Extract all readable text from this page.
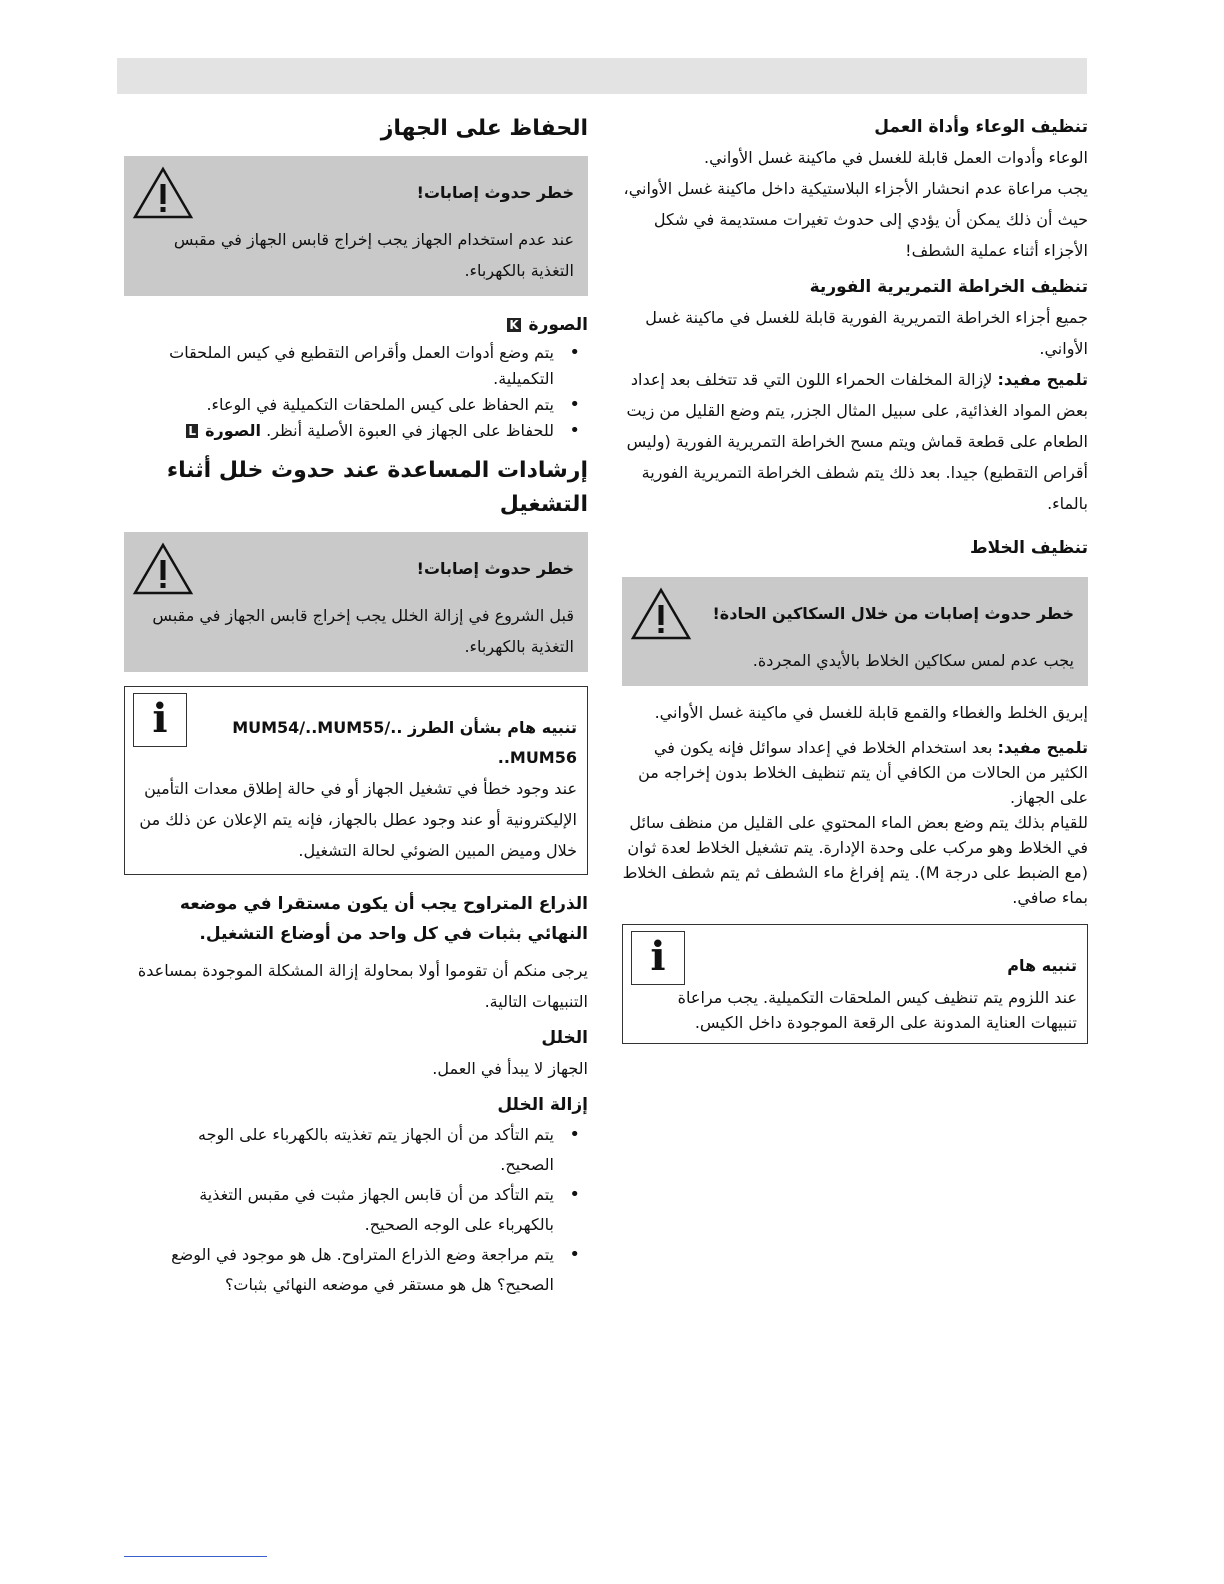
تنظيف الوعاء وأداة العمل
الوعاء وأدوات العمل قابلة للغسل في ماكينة غسل الأواني.
يجب مراعاة عدم انحشار الأجزاء البلاستيكية داخل ماكينة غسل الأواني، حيث أن ذلك يمكن أن يؤدي إلى حدوث تغيرات مستديمة في شكل الأجزاء أثناء عملية الشطف!
تنظيف الخراطة التمريرية الفورية
جميع أجزاء الخراطة التمريرية الفورية قابلة للغسل في ماكينة غسل الأواني.
تلميح مفيد: لإزالة المخلفات الحمراء اللون التي قد تتخلف بعد إعداد بعض المواد الغذائية, على سبيل المثال الجزر, يتم وضع القليل من زيت الطعام على قطعة قماش ويتم مسح الخراطة التمريرية الفورية (وليس أقراص التقطيع) جيدا. بعد ذلك يتم شطف الخراطة التمريرية الفورية بالماء.
تنظيف الخلاط
خطر حدوث إصابات من خلال السكاكين الحادة!
يجب عدم لمس سكاكين الخلاط بالأيدي المجردة.
إبريق الخلط والغطاء والقمع قابلة للغسل في ماكينة غسل الأواني.
تلميح مفيد: بعد استخدام الخلاط في إعداد سوائل فإنه يكون في الكثير من الحالات من الكافي أن يتم تنظيف الخلاط بدون إخراجه من على الجهاز.
للقيام بذلك يتم وضع بعض الماء المحتوي على القليل من منظف سائل في الخلاط وهو مركب على وحدة الإدارة. يتم تشغيل الخلاط لعدة ثوان (مع الضبط على درجة M). يتم إفراغ ماء الشطف ثم يتم شطف الخلاط بماء صافي.
تنبيه هام
i
عند اللزوم يتم تنظيف كيس الملحقات التكميلية. يجب مراعاة تنبيهات العناية المدونة على الرقعة الموجودة داخل الكيس.
الحفاظ على الجهاز
خطر حدوث إصابات!
عند عدم استخدام الجهاز يجب إخراج قابس الجهاز في مقبس التغذية بالكهرباء.
الصورة K
• يتم وضع أدوات العمل وأقراص التقطيع في كيس الملحقات التكميلية.
• يتم الحفاظ على كيس الملحقات التكميلية في الوعاء.
• للحفاظ على الجهاز في العبوة الأصلية أنظر. الصورة L
إرشادات المساعدة عند حدوث خلل أثناء التشغيل
خطر حدوث إصابات!
قبل الشروع في إزالة الخلل يجب إخراج قابس الجهاز في مقبس التغذية بالكهرباء.
تنبيه هام بشأن الطرز ..MUM54/..MUM55/ ..MUM56
i
عند وجود خطأ في تشغيل الجهاز أو في حالة إطلاق معدات التأمين الإليكترونية أو عند وجود عطل بالجهاز، فإنه يتم الإعلان عن ذلك من خلال وميض المبين الضوئي لحالة التشغيل.
الذراع المتراوح يجب أن يكون مستقرا في موضعه النهائي بثبات في كل واحد من أوضاع التشغيل.
يرجى منكم أن تقوموا أولا بمحاولة إزالة المشكلة الموجودة بمساعدة التنبيهات التالية.
الخلل
الجهاز لا يبدأ في العمل.
إزالة الخلل
• يتم التأكد من أن الجهاز يتم تغذيته بالكهرباء على الوجه الصحيح.
• يتم التأكد من أن قابس الجهاز مثبت في مقبس التغذية بالكهرباء على الوجه الصحيح.
• يتم مراجعة وضع الذراع المتراوح. هل هو موجود في الوضع الصحيح؟ هل هو مستقر في موضعه النهائي بثبات؟
